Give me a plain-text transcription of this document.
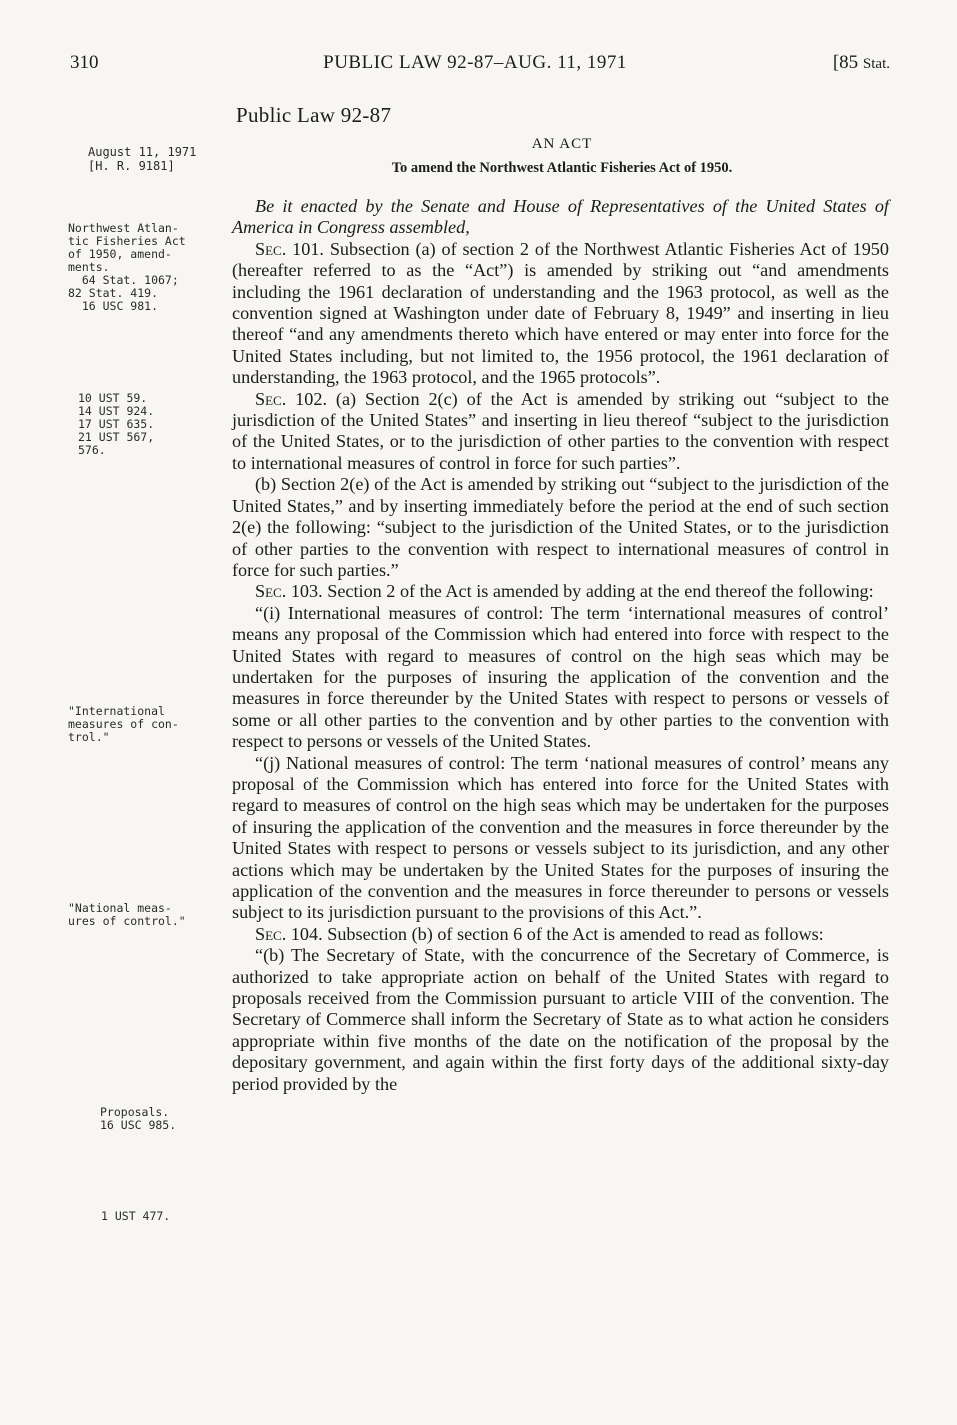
310	PUBLIC LAW 92-87–AUG. 11, 1971	[85 Stat.
Public Law 92-87
AN ACT
To amend the Northwest Atlantic Fisheries Act of 1950.
August 11, 1971
[H. R. 9181]
Northwest Atlan-
tic Fisheries Act
of 1950, amend-
ments.
64 Stat. 1067;
82 Stat. 419.
16 USC 981.
10 UST 59.
14 UST 924.
17 UST 635.
21 UST 567,
576.
"International
measures of con-
trol."
"National meas-
ures of control."
Proposals.
16 USC 985.
1 UST 477.

Be it enacted by the Senate and House of Representatives of the United States of America in Congress assembled,

Sec. 101. Subsection (a) of section 2 of the Northwest Atlantic Fisheries Act of 1950 (hereafter referred to as the “Act”) is amended by striking out “and amendments including the 1961 declaration of understanding and the 1963 protocol, as well as the convention signed at Washington under date of February 8, 1949” and inserting in lieu thereof “and any amendments thereto which have entered or may enter into force for the United States including, but not limited to, the 1956 protocol, the 1961 declaration of understanding, the 1963 protocol, and the 1965 protocols”.

Sec. 102. (a) Section 2(c) of the Act is amended by striking out “subject to the jurisdiction of the United States” and inserting in lieu thereof “subject to the jurisdiction of the United States, or to the jurisdiction of other parties to the convention with respect to international measures of control in force for such parties”.

(b) Section 2(e) of the Act is amended by striking out “subject to the jurisdiction of the United States,” and by inserting immediately before the period at the end of such section 2(e) the following: “subject to the jurisdiction of the United States, or to the jurisdiction of other parties to the convention with respect to international measures of control in force for such parties.”

Sec. 103. Section 2 of the Act is amended by adding at the end thereof the following:

“(i) International measures of control: The term ‘international measures of control’ means any proposal of the Commission which had entered into force with respect to the United States with regard to measures of control on the high seas which may be undertaken for the purposes of insuring the application of the convention and the measures in force thereunder by the United States with respect to persons or vessels of some or all other parties to the convention and by other parties to the convention with respect to persons or vessels of the United States.

“(j) National measures of control: The term ‘national measures of control’ means any proposal of the Commission which has entered into force for the United States with regard to measures of control on the high seas which may be undertaken for the purposes of insuring the application of the convention and the measures in force thereunder by the United States with respect to persons or vessels subject to its jurisdiction, and any other actions which may be undertaken by the United States for the purposes of insuring the application of the convention and the measures in force thereunder to persons or vessels subject to its jurisdiction pursuant to the provisions of this Act.”.

Sec. 104. Subsection (b) of section 6 of the Act is amended to read as follows:

“(b) The Secretary of State, with the concurrence of the Secretary of Commerce, is authorized to take appropriate action on behalf of the United States with regard to proposals received from the Commission pursuant to article VIII of the convention. The Secretary of Commerce shall inform the Secretary of State as to what action he considers appropriate within five months of the date on the notification of the proposal by the depositary government, and again within the first forty days of the additional sixty-day period provided by the
